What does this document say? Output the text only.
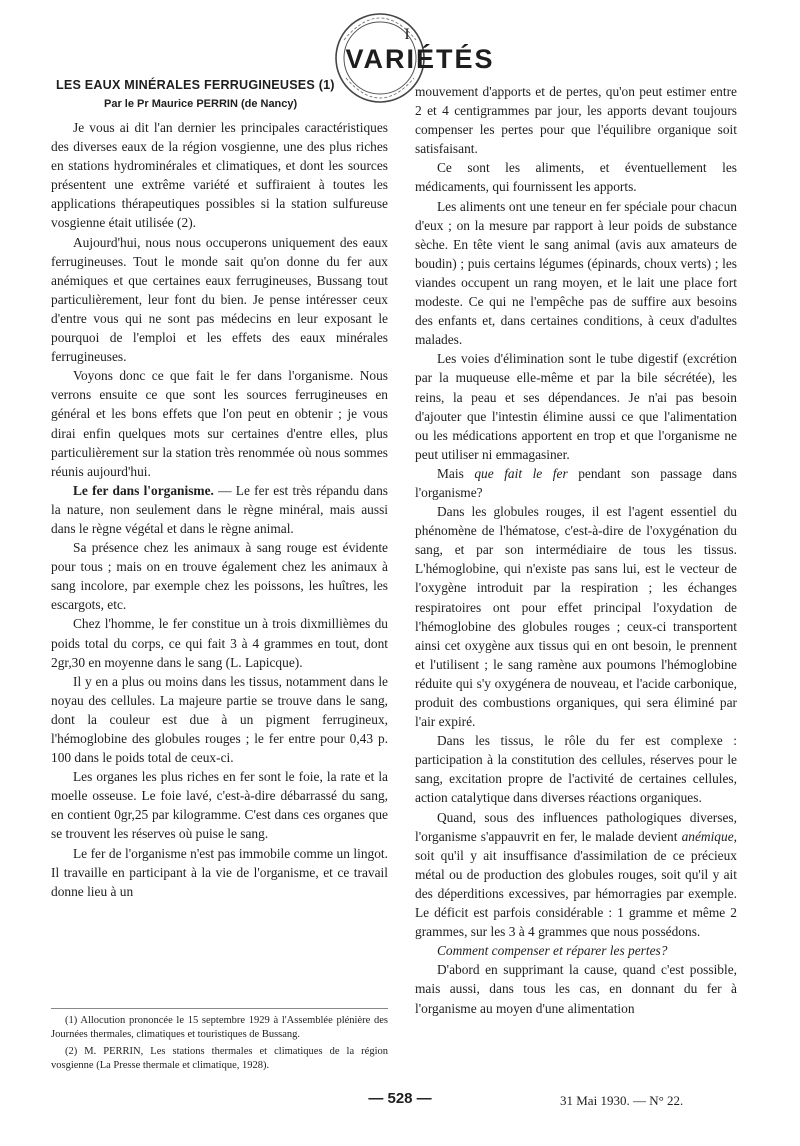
I
VARIÉTÉS
LES EAUX MINÉRALES FERRUGINEUSES (1)
Par le Pr Maurice PERRIN (de Nancy)

Je vous ai dit l'an dernier les principales caractéristiques des diverses eaux de la région vosgienne, une des plus riches en stations hydrominérales et climatiques, et dont les sources présentent une extrême variété et suffiraient à toutes les applications thérapeutiques possibles si la station sulfureuse vosgienne était utilisée (2).

Aujourd'hui, nous nous occuperons uniquement des eaux ferrugineuses. Tout le monde sait qu'on donne du fer aux anémiques et que certaines eaux ferrugineuses, Bussang tout particulièrement, leur font du bien. Je pense intéresser ceux d'entre vous qui ne sont pas médecins en leur exposant le pourquoi de l'emploi et les effets des eaux minérales ferrugineuses.

Voyons donc ce que fait le fer dans l'organisme. Nous verrons ensuite ce que sont les sources ferrugineuses en général et les bons effets que l'on peut en obtenir ; je vous dirai enfin quelques mots sur certaines d'entre elles, plus particulièrement sur la station très renommée où nous sommes réunis aujourd'hui.

Le fer dans l'organisme. — Le fer est très répandu dans la nature, non seulement dans le règne minéral, mais aussi dans le règne végétal et dans le règne animal.

Sa présence chez les animaux à sang rouge est évidente pour tous ; mais on en trouve également chez les animaux à sang incolore, par exemple chez les poissons, les huîtres, les escargots, etc.

Chez l'homme, le fer constitue un à trois dixmillièmes du poids total du corps, ce qui fait 3 à 4 grammes en tout, dont 2gr,30 en moyenne dans le sang (L. Lapicque).

Il y en a plus ou moins dans les tissus, notamment dans le noyau des cellules. La majeure partie se trouve dans le sang, dont la couleur est due à un pigment ferrugineux, l'hémoglobine des globules rouges ; le fer entre pour 0,43 p. 100 dans le poids total de ceux-ci.

Les organes les plus riches en fer sont le foie, la rate et la moelle osseuse. Le foie lavé, c'est-à-dire débarrassé du sang, en contient 0gr,25 par kilogramme. C'est dans ces organes que se trouvent les réserves où puise le sang.

Le fer de l'organisme n'est pas immobile comme un lingot. Il travaille en participant à la vie de l'organisme, et ce travail donne lieu à un

(1) Allocution prononcée le 15 septembre 1929 à l'Assemblée plénière des Journées thermales, climatiques et touristiques de Bussang.

(2) M. PERRIN, Les stations thermales et climatiques de la région vosgienne (La Presse thermale et climatique, 1928).

mouvement d'apports et de pertes, qu'on peut estimer entre 2 et 4 centigrammes par jour, les apports devant toujours compenser les pertes pour que l'équilibre organique soit satisfaisant.

Ce sont les aliments, et éventuellement les médicaments, qui fournissent les apports.

Les aliments ont une teneur en fer spéciale pour chacun d'eux ; on la mesure par rapport à leur poids de substance sèche. En tête vient le sang animal (avis aux amateurs de boudin) ; puis certains légumes (épinards, choux verts) ; les viandes occupent un rang moyen, et le lait une place fort modeste. Ce qui ne l'empêche pas de suffire aux besoins des enfants et, dans certaines conditions, à ceux d'adultes malades.

Les voies d'élimination sont le tube digestif (excrétion par la muqueuse elle-même et par la bile sécrétée), les reins, la peau et ses dépendances. Je n'ai pas besoin d'ajouter que l'intestin élimine aussi ce que l'alimentation ou les médications apportent en trop et que l'organisme ne peut utiliser ni emmagasiner.

Mais que fait le fer pendant son passage dans l'organisme?

Dans les globules rouges, il est l'agent essentiel du phénomène de l'hématose, c'est-à-dire de l'oxygénation du sang, et par son intermédiaire de tous les tissus. L'hémoglobine, qui n'existe pas sans lui, est le vecteur de l'oxygène introduit par la respiration ; les échanges respiratoires ont pour effet principal l'oxydation de l'hémoglobine des globules rouges ; ceux-ci transportent ainsi cet oxygène aux tissus qui en ont besoin, le prennent et l'utilisent ; le sang ramène aux poumons l'hémoglobine réduite qui s'y oxygénera de nouveau, et l'acide carbonique, produit des combustions organiques, qui sera éliminé par l'air expiré.

Dans les tissus, le rôle du fer est complexe : participation à la constitution des cellules, réserves pour le sang, excitation propre de l'activité de certaines cellules, action catalytique dans diverses réactions organiques.

Quand, sous des influences pathologiques diverses, l'organisme s'appauvrit en fer, le malade devient anémique, soit qu'il y ait insuffisance d'assimilation de ce précieux métal ou de production des globules rouges, soit qu'il y ait des déperditions excessives, par hémorragies par exemple. Le déficit est parfois considérable : 1 gramme et même 2 grammes, sur les 3 à 4 grammes que nous possédons.

Comment compenser et réparer les pertes?

D'abord en supprimant la cause, quand c'est possible, mais aussi, dans tous les cas, en donnant du fer à l'organisme au moyen d'une alimentation

— 528 —	31 Mai 1930. — N° 22.
